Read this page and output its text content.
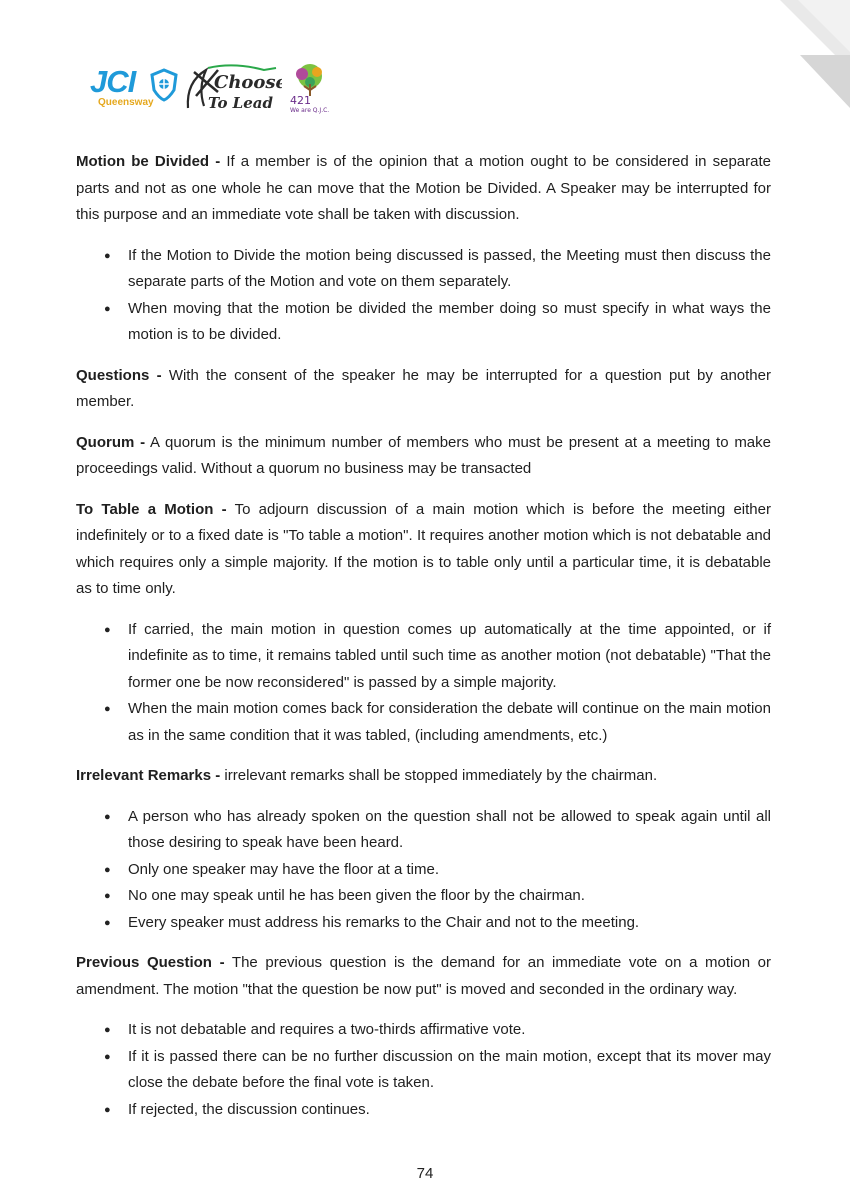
JCI
Queensway
Choose
To Lead 421
We are Q.J.C.

Motion be Divided - If a member is of the opinion that a motion ought to be considered in separate parts and not as one whole he can move that the Motion be Divided. A Speaker may be interrupted for this purpose and an immediate vote shall be taken with discussion.

● If the Motion to Divide the motion being discussed is passed, the Meeting must then discuss the separate parts of the Motion and vote on them separately.
● When moving that the motion be divided the member doing so must specify in what ways the motion is to be divided.

Questions - With the consent of the speaker he may be interrupted for a question put by another member.

Quorum - A quorum is the minimum number of members who must be present at a meeting to make proceedings valid. Without a quorum no business may be transacted

To Table a Motion - To adjourn discussion of a main motion which is before the meeting either indefinitely or to a fixed date is "To table a motion". It requires another motion which is not debatable and which requires only a simple majority. If the motion is to table only until a particular time, it is debatable as to time only.

● If carried, the main motion in question comes up automatically at the time appointed, or if indefinite as to time, it remains tabled until such time as another motion (not debatable) "That the former one be now reconsidered" is passed by a simple majority.
● When the main motion comes back for consideration the debate will continue on the main motion as in the same condition that it was tabled, (including amendments, etc.)

Irrelevant Remarks - irrelevant remarks shall be stopped immediately by the chairman.

● A person who has already spoken on the question shall not be allowed to speak again until all those desiring to speak have been heard.
● Only one speaker may have the floor at a time.
● No one may speak until he has been given the floor by the chairman.
● Every speaker must address his remarks to the Chair and not to the meeting.

Previous Question - The previous question is the demand for an immediate vote on a motion or amendment. The motion "that the question be now put" is moved and seconded in the ordinary way.

● It is not debatable and requires a two-thirds affirmative vote.
● If it is passed there can be no further discussion on the main motion, except that its mover may close the debate before the final vote is taken.
● If rejected, the discussion continues.
74
